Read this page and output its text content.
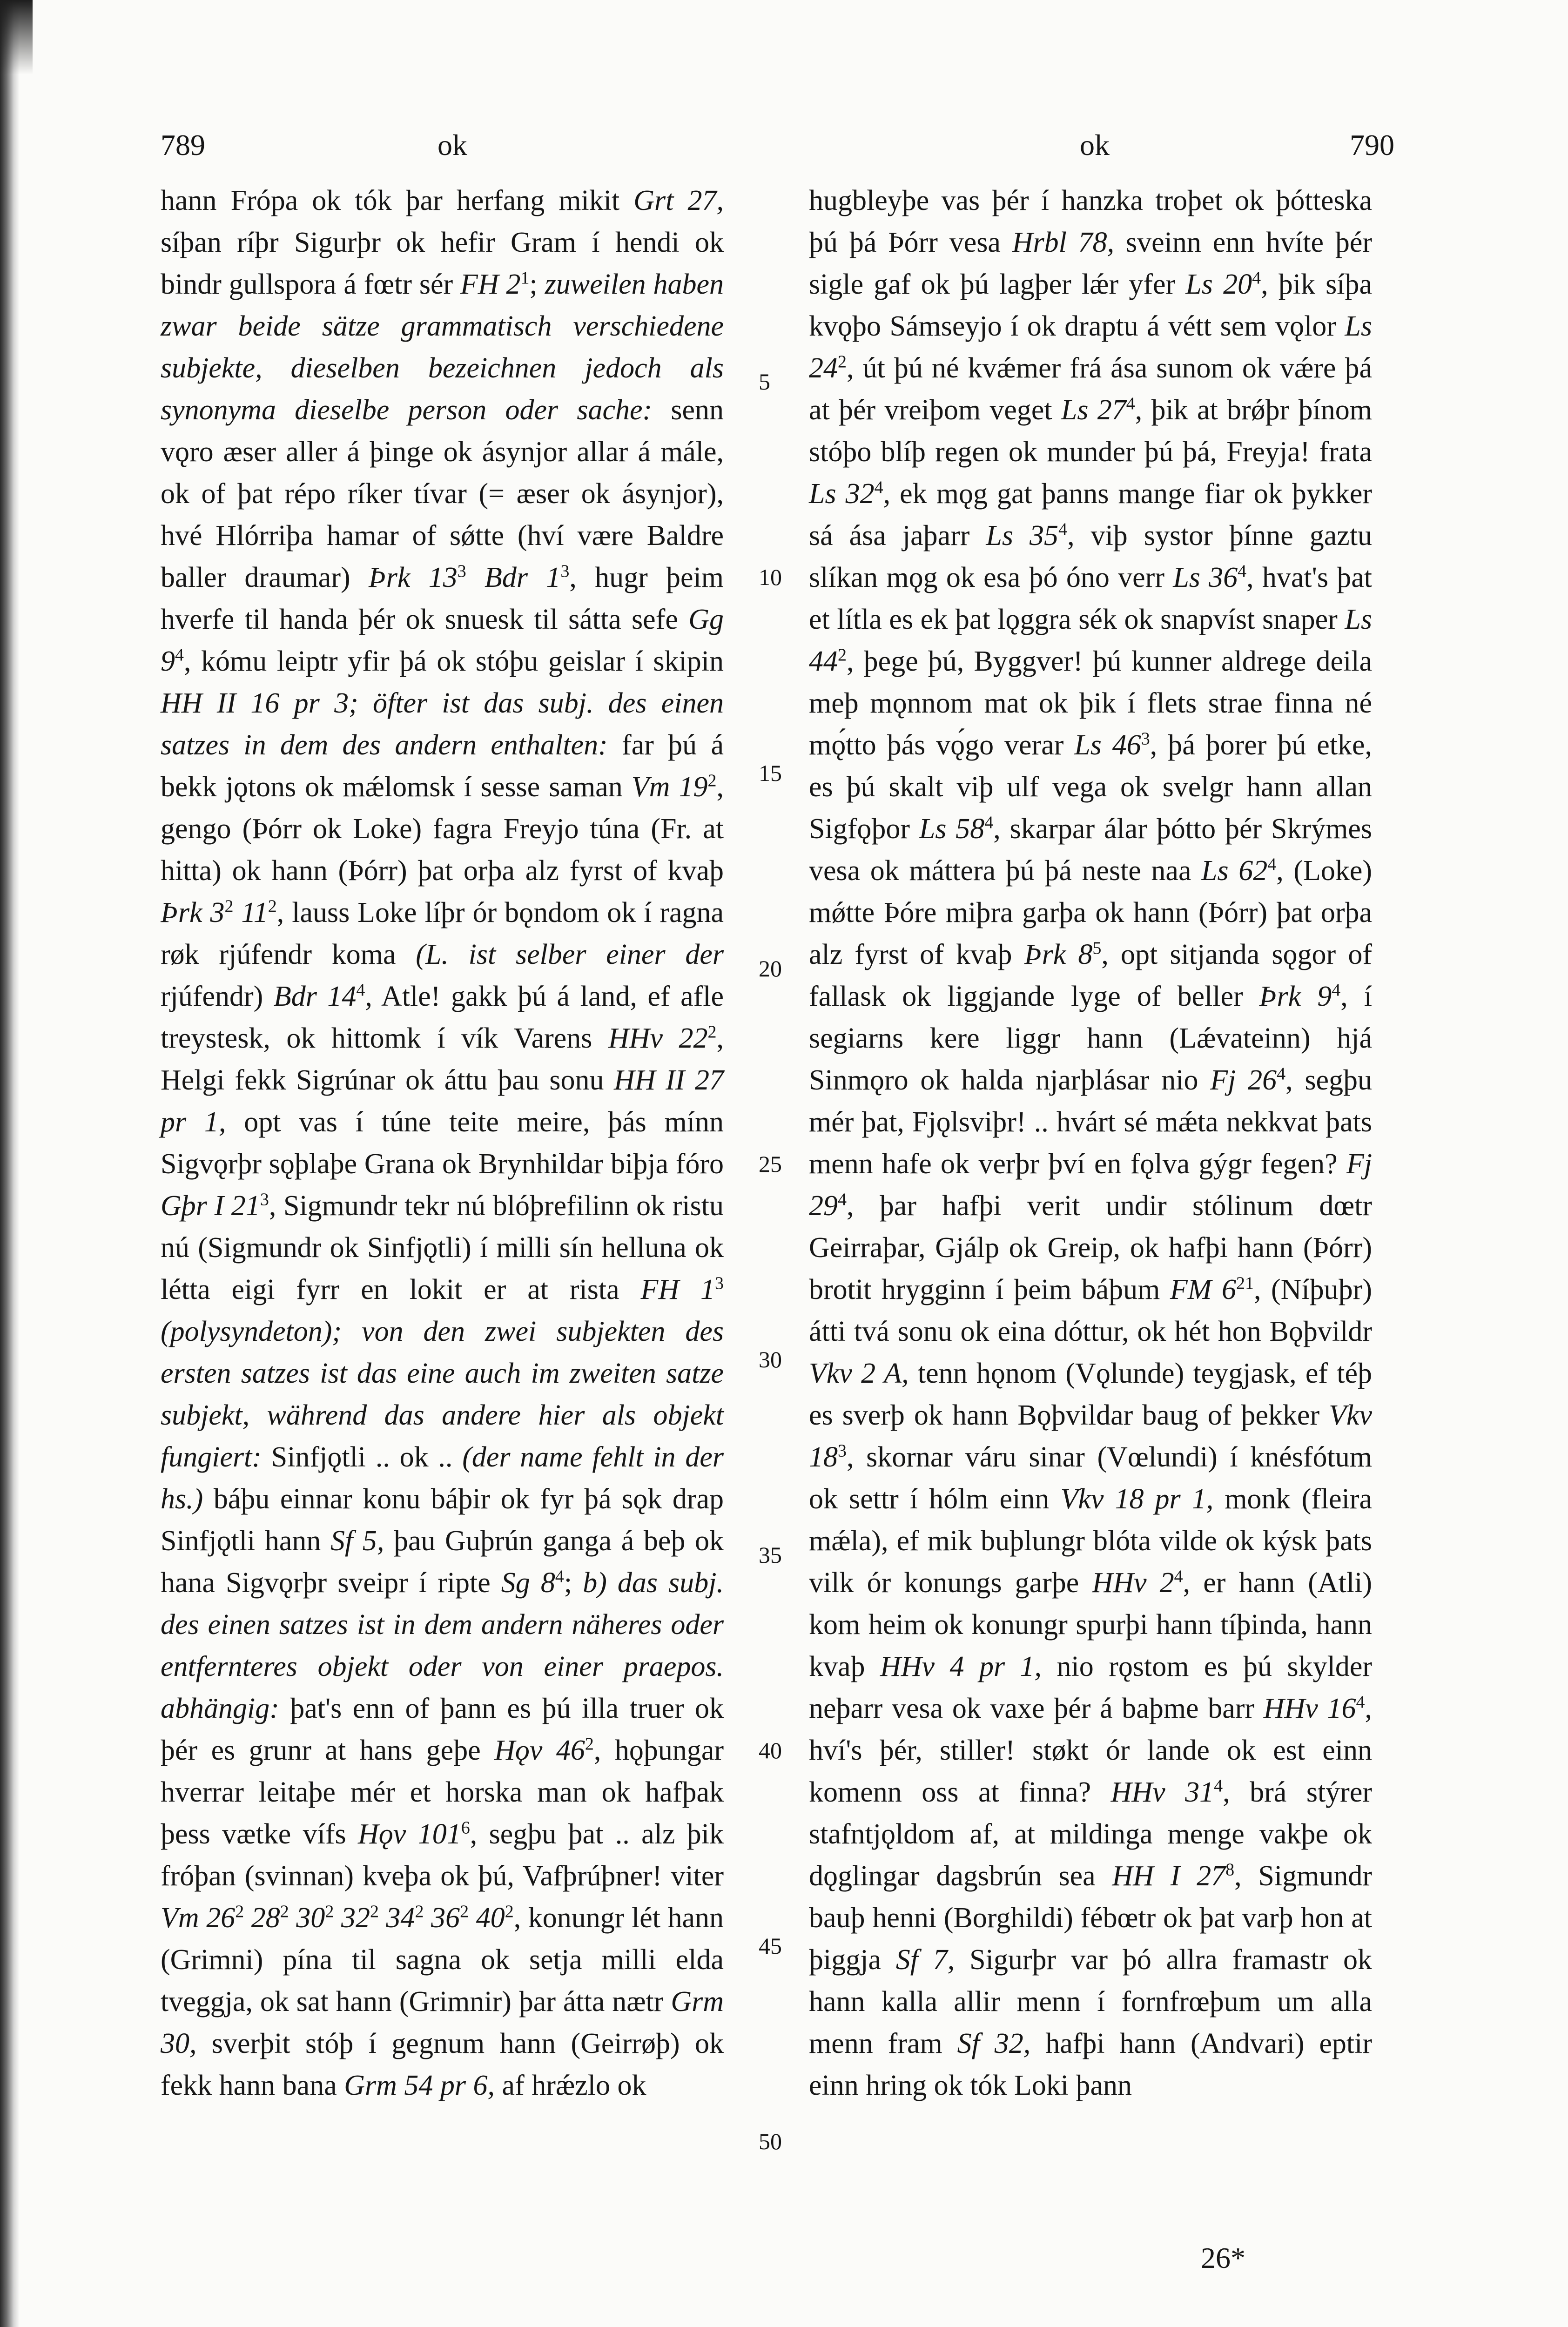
789	ok	ok	790

hann Frópa ok tók þar herfang mikit Grt 27, síþan ríþr Sigurþr ok hefir Gram í hendi ok bindr gullspora á fœtr sér FH $2^1$; zuweilen haben zwar beide sätze grammatisch verschiedene subjekte, dieselben bezeichnen jedoch als synonyma dieselbe person oder sache: senn vǫro æser aller á þinge ok ásynjor allar á mále, ok of þat répo ríker tívar (= æser ok ásynjor), hvé Hlórriþa hamar of sǿtte (hví være Baldre baller draumar) Þrk $13^3$ Bdr $1^3$, hugr þeim hverfe til handa þér ok snuesk til sátta sefe Gg $9^4$, kómu leiptr yfir þá ok stóþu geislar í skipin HH II 16 pr 3; öfter ist das subj. des einen satzes in dem des andern enthalten: far þú á bekk jǫtons ok mǽlomsk í sesse saman Vm $19^2$, gengo (Þórr ok Loke) fagra Freyjo túna (Fr. at hitta) ok hann (Þórr) þat orþa alz fyrst of kvaþ Þrk $3^2$ $11^2$, lauss Loke líþr ór bǫndom ok í ragna røk rjúfendr koma (L. ist selber einer der rjúfendr) Bdr $14^4$, Atle! gakk þú á land, ef afle treystesk, ok hittomk í vík Varens HHv $22^2$, Helgi fekk Sigrúnar ok áttu þau sonu HH II 27 pr 1, opt vas í túne teite meire, þás mínn Sigvǫrþr sǫþlaþe Grana ok Brynhildar biþja fóro Gþr I $21^3$, Sigmundr tekr nú blóþrefilinn ok ristu nú (Sigmundr ok Sinfjǫtli) í milli sín helluna ok létta eigi fyrr en lokit er at rista FH $1^3$ (polysyndeton); von den zwei subjekten des ersten satzes ist das eine auch im zweiten satze subjekt, während das andere hier als objekt fungiert: Sinfjǫtli .. ok .. (der name fehlt in der hs.) báþu einnar konu báþir ok fyr þá sǫk drap Sinfjǫtli hann Sf 5, þau Guþrún ganga á beþ ok hana Sigvǫrþr sveipr í ripte Sg $8^4$; b) das subj. des einen satzes ist in dem andern näheres oder entfernteres objekt oder von einer praepos. abhängig: þat's enn of þann es þú illa truer ok þér es grunr at hans geþe Hǫv $46^2$, hǫþungar hverrar leitaþe mér et horska man ok hafþak þess vætke vífs Hǫv $101^6$, segþu þat .. alz þik fróþan (svinnan) kveþa ok þú, Vafþrúþner! viter Vm $26^2$ $28^2$ $30^2$ $32^2$ $34^2$ $36^2$ $40^2$, konungr lét hann (Grimni) pína til sagna ok setja milli elda tveggja, ok sat hann (Grimnir) þar átta nætr Grm 30, sverþit stóþ í gegnum hann (Geirrøþ) ok fekk hann bana Grm 54 pr 6, af hrǽzlo ok

hugbleyþe vas þér í hanzka troþet ok þótteska þú þá Þórr vesa Hrbl 78, sveinn enn hvíte þér sigle gaf ok þú lagþer lǽr yfer Ls $20^4$, þik síþa kvǫþo Sámseyjo í ok draptu á vétt sem vǫlor Ls $24^2$, út þú né kvǽmer frá ása sunom ok vǽre þá at þér vreiþom veget Ls $27^4$, þik at brǿþr þínom stóþo blíþ regen ok munder þú þá, Freyja! frata Ls $32^4$, ek mǫg gat þanns mange fiar ok þykker sá ása jaþarr Ls $35^4$, viþ systor þínne gaztu slíkan mǫg ok esa þó óno verr Ls $36^4$, hvat's þat et lítla es ek þat lǫggra sék ok snapvíst snaper Ls $44^2$, þege þú, Byggver! þú kunner aldrege deila meþ mǫnnom mat ok þik í flets strae finna né mǫ́tto þás vǫ́go verar Ls $46^3$, þá þorer þú etke, es þú skalt viþ ulf vega ok svelgr hann allan Sigfǫþor Ls $58^4$, skarpar álar þótto þér Skrýmes vesa ok máttera þú þá neste naa Ls $62^4$, (Loke) mǿtte Þóre miþra garþa ok hann (Þórr) þat orþa alz fyrst of kvaþ Þrk $8^5$, opt sitjanda sǫgor of fallask ok liggjande lyge of beller Þrk $9^4$, í segiarns kere liggr hann (Lǽvateinn) hjá Sinmǫro ok halda njarþlásar nio Fj $26^4$, segþu mér þat, Fjǫlsviþr! .. hvárt sé mǽta nekkvat þats menn hafe ok verþr því en fǫlva gýgr fegen? Fj $29^4$, þar hafþi verit undir stólinum dœtr Geirraþar, Gjálp ok Greip, ok hafþi hann (Þórr) brotit hrygginn í þeim báþum FM $6^{21}$, (Níþuþr) átti tvá sonu ok eina dóttur, ok hét hon Bǫþvildr Vkv 2 A, tenn hǫnom (Vǫlunde) teygjask, ef téþ es sverþ ok hann Bǫþvildar baug of þekker Vkv $18^3$, skornar váru sinar (Vœlundi) í knésfótum ok settr í hólm einn Vkv 18 pr 1, monk (fleira mǽla), ef mik buþlungr blóta vilde ok kýsk þats vilk ór konungs garþe HHv $2^4$, er hann (Atli) kom heim ok konungr spurþi hann tíþinda, hann kvaþ HHv 4 pr 1, nio rǫstom es þú skylder neþarr vesa ok vaxe þér á baþme barr HHv $16^4$, hví's þér, stiller! støkt ór lande ok est einn komenn oss at finna? HHv $31^4$, brá stýrer stafntjǫldom af, at mildinga menge vakþe ok dǫglingar dagsbrún sea HH I $27^8$, Sigmundr bauþ henni (Borghildi) fébœtr ok þat varþ hon at þiggja Sf 7, Sigurþr var þó allra framastr ok hann kalla allir menn í fornfrœþum um alla menn fram Sf 32, hafþi hann (Andvari) eptir einn hring ok tók Loki þann

5
10
15
20
25
30
35
40
45
50
26*
